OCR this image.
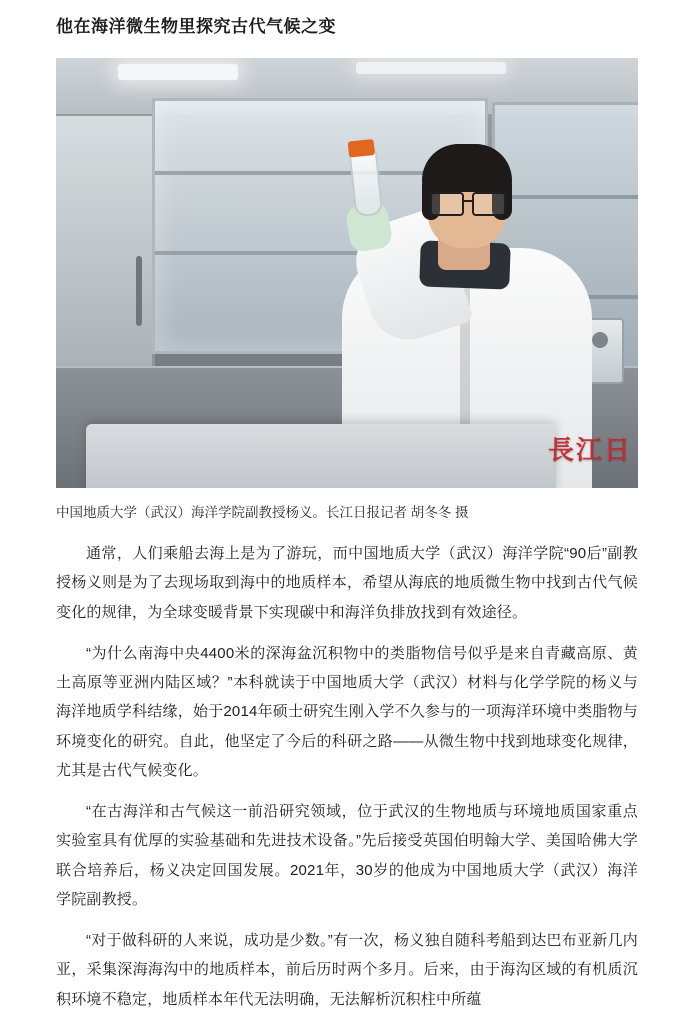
他在海洋微生物里探究古代气候之变
長江日
中国地质大学（武汉）海洋学院副教授杨义。长江日报记者 胡冬冬 摄

通常，人们乘船去海上是为了游玩，而中国地质大学（武汉）海洋学院“90后”副教授杨义则是为了去现场取到海中的地质样本，希望从海底的地质微生物中找到古代气候变化的规律，为全球变暖背景下实现碳中和海洋负排放找到有效途径。

“为什么南海中央4400米的深海盆沉积物中的类脂物信号似乎是来自青藏高原、黄土高原等亚洲内陆区域？”本科就读于中国地质大学（武汉）材料与化学学院的杨义与海洋地质学科结缘，始于2014年硕士研究生刚入学不久参与的一项海洋环境中类脂物与环境变化的研究。自此，他坚定了今后的科研之路——从微生物中找到地球变化规律，尤其是古代气候变化。

“在古海洋和古气候这一前沿研究领域，位于武汉的生物地质与环境地质国家重点实验室具有优厚的实验基础和先进技术设备。”先后接受英国伯明翰大学、美国哈佛大学联合培养后，杨义决定回国发展。2021年，30岁的他成为中国地质大学（武汉）海洋学院副教授。

“对于做科研的人来说，成功是少数。”有一次，杨义独自随科考船到达巴布亚新几内亚，采集深海海沟中的地质样本，前后历时两个多月。后来，由于海沟区域的有机质沉积环境不稳定，地质样本年代无法明确，无法解析沉积柱中所蕴
